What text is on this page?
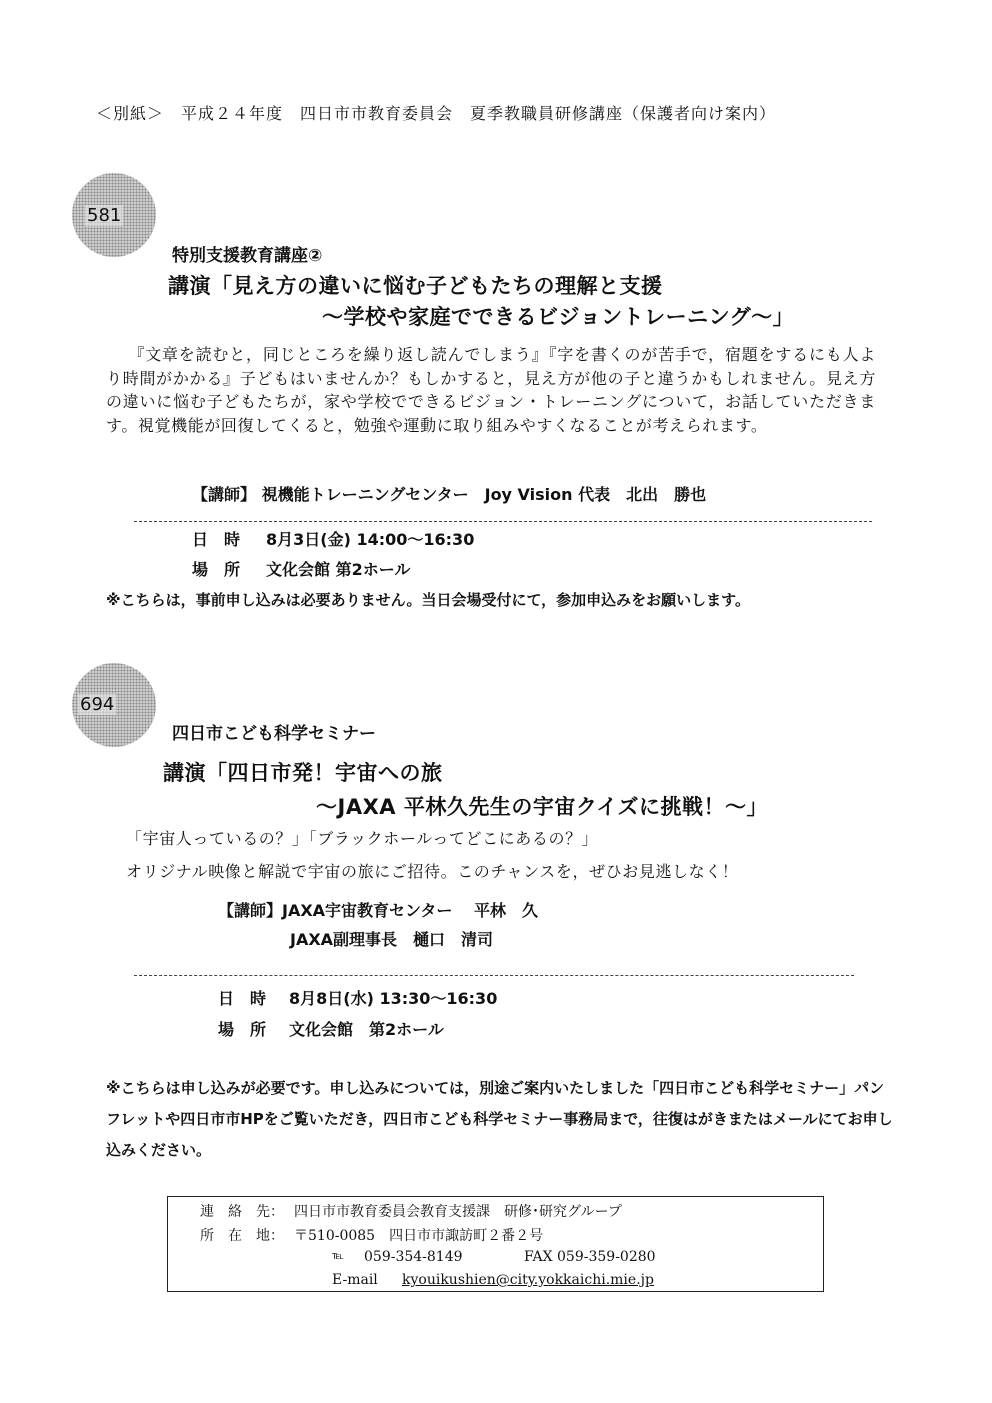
＜別紙＞　平成２４年度　四日市市教育委員会　夏季教職員研修講座（保護者向け案内）
581
特別支援教育講座②
講演「見え方の違いに悩む子どもたちの理解と支援
～学校や家庭でできるビジョントレーニング～」
『文章を読むと，同じところを繰り返し読んでしまう』『字を書くのが苦手で，宿題をするにも人より時間がかかる』子どもはいませんか？もしかすると，見え方が他の子と違うかもしれません。見え方の違いに悩む子どもたちが，家や学校でできるビジョン・トレーニングについて，お話していただきます。視覚機能が回復してくると，勉強や運動に取り組みやすくなることが考えられます。
【講師】 視機能トレーニングセンター　Joy Vision 代表　北出　勝也
日　時 8月3日(金) 14:00～16:30
場　所 文化会館 第2ホール
※こちらは，事前申し込みは必要ありません。当日会場受付にて，参加申込みをお願いします。
694
四日市こども科学セミナー
講演「四日市発！宇宙への旅
～JAXA 平林久先生の宇宙クイズに挑戦！～」
「宇宙人っているの？」「ブラックホールってどこにあるの？」
オリジナル映像と解説で宇宙の旅にご招待。このチャンスを，ぜひお見逃しなく！
【講師】JAXA宇宙教育センター　 平林　久
JAXA副理事長　樋口　清司
日　時 8月8日(水) 13:30～16:30
場　所 文化会館　第2ホール
※こちらは申し込みが必要です。申し込みについては，別途ご案内いたしました「四日市こども科学セミナー」パンフレットや四日市市HPをご覧いただき，四日市こども科学セミナー事務局まで，往復はがきまたはメールにてお申し込みください。
連　絡　先： 四日市市教育委員会教育支援課　研修･研究グループ
所　在　地： 〒510-0085　四日市市諏訪町２番２号
℡ 059-354-8149	FAX 059-359-0280
E-mail kyouikushien@city.yokkaichi.mie.jp
